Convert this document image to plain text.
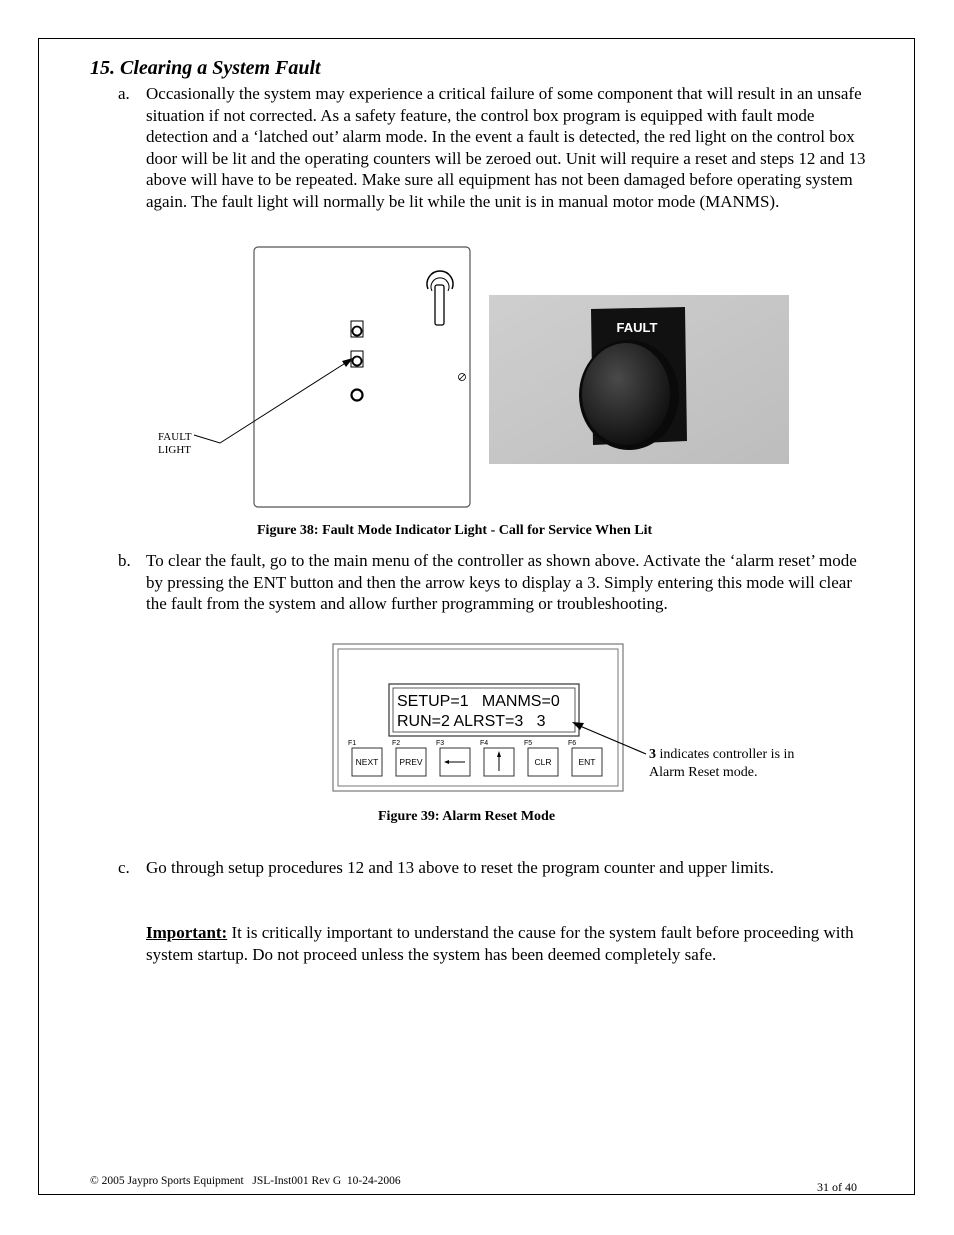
15. Clearing a System Fault
a. Occasionally the system may experience a critical failure of some component that will result in an unsafe situation if not corrected. As a safety feature, the control box program is equipped with fault mode detection and a ‘latched out’ alarm mode. In the event a fault is detected, the red light on the control box door will be lit and the operating counters will be zeroed out. Unit will require a reset and steps 12 and 13 above will have to be repeated. Make sure all equipment has not been damaged before operating system again. The fault light will normally be lit while the unit is in manual motor mode (MANMS).
FAULT
LIGHT
FAULT
Figure 38: Fault Mode Indicator Light - Call for Service When Lit
b. To clear the fault, go to the main menu of the controller as shown above. Activate the ‘alarm reset’ mode by pressing the ENT button and then the arrow keys to display a 3. Simply entering this mode will clear the fault from the system and allow further programming or troubleshooting.
SETUP=1   MANMS=0
RUN=2 ALRST=3   3
F1	F2	F3	F4	F5	F6
NEXT PREV	CLR	ENT	3 indicates controller is in
Alarm Reset mode.
Figure 39: Alarm Reset Mode
c. Go through setup procedures 12 and 13 above to reset the program counter and upper limits.
Important: It is critically important to understand the cause for the system fault before proceeding with system startup. Do not proceed unless the system has been deemed completely safe.
© 2005 Jaypro Sports Equipment   JSL-Inst001 Rev G  10-24-2006	31 of 40
